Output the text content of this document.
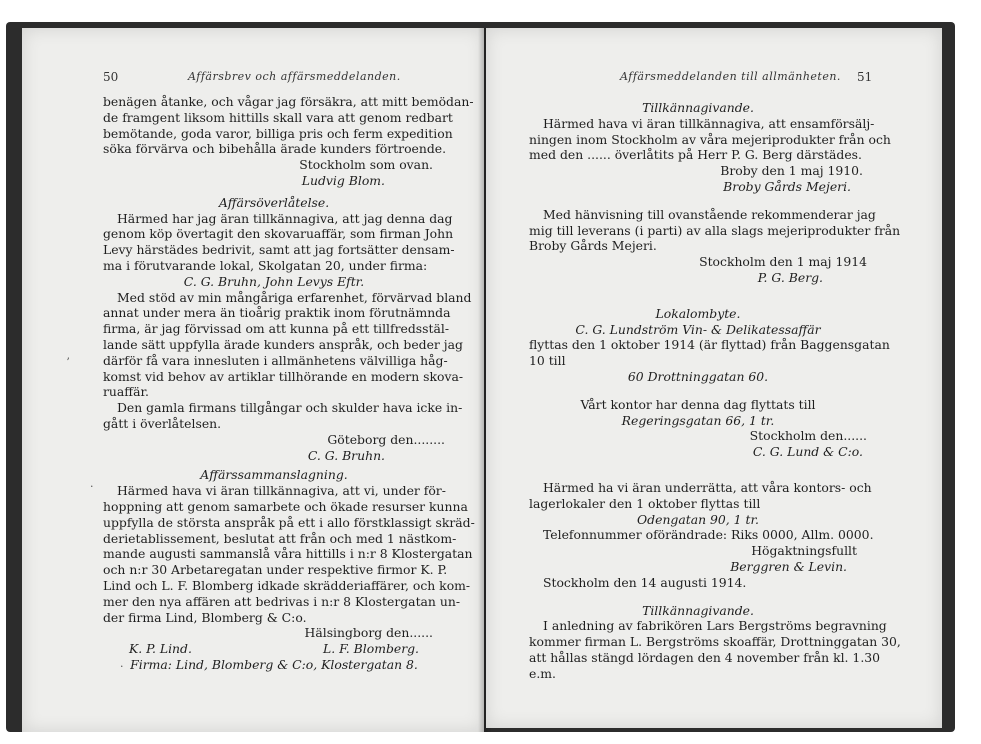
50	Affärsbrev och affärsmeddelanden.
benägen åtanke, och vågar jag försäkra, att mitt bemödan-
de framgent liksom hittills skall vara att genom redbart
bemötande, goda varor, billiga pris och ferm expedition
söka förvärva och bibehålla ärade kunders förtroende.
Stockholm som ovan.
Ludvig Blom.
Affärsöverlåtelse.
Härmed har jag äran tillkännagiva, att jag denna dag
genom köp övertagit den skovaruaffär, som firman John
Levy härstädes bedrivit, samt att jag fortsätter densam-
ma i förutvarande lokal, Skolgatan 20, under firma:
C. G. Bruhn, John Levys Eftr.
Med stöd av min mångåriga erfarenhet, förvärvad bland
annat under mera än tioårig praktik inom förutnämnda
firma, är jag förvissad om att kunna på ett tillfredsstäl-
lande sätt uppfylla ärade kunders anspråk, och beder jag
därför få vara innesluten i allmänhetens välvilliga håg-
komst vid behov av artiklar tillhörande en modern skova-
ruaffär.
Den gamla firmans tillgångar och skulder hava icke in-
gått i överlåtelsen.
Göteborg den........
C. G. Bruhn.
Affärssammanslagning.
Härmed hava vi äran tillkännagiva, att vi, under för-
hoppning att genom samarbete och ökade resurser kunna
uppfylla de största anspråk på ett i allo förstklassigt skräd-
derietablissement, beslutat att från och med 1 nästkom-
mande augusti sammanslå våra hittills i n:r 8 Klostergatan
och n:r 30 Arbetaregatan under respektive firmor K. P.
Lind och L. F. Blomberg idkade skrädderiaffärer, och kom-
mer den nya affären att bedrivas i n:r 8 Klostergatan un-
der firma Lind, Blomberg & C:o.
Hälsingborg den......
K. P. Lind.	L. F. Blomberg.
Firma: Lind, Blomberg & C:o, Klostergatan 8.
Affärsmeddelanden till allmänheten. 51
Tillkännagivande.
Härmed hava vi äran tillkännagiva, att ensamförsälj-
ningen inom Stockholm av våra mejeriprodukter från och
med den ...... överlåtits på Herr P. G. Berg därstädes.
Broby den 1 maj 1910.
Broby Gårds Mejeri.
Med hänvisning till ovanstående rekommenderar jag
mig till leverans (i parti) av alla slags mejeriprodukter från
Broby Gårds Mejeri.
Stockholm den 1 maj 1914
P. G. Berg.
Lokalombyte.
C. G. Lundström Vin- & Delikatessaffär
flyttas den 1 oktober 1914 (är flyttad) från Baggensgatan
10 till
60 Drottninggatan 60.
Vårt kontor har denna dag flyttats till
Regeringsgatan 66, 1 tr.
Stockholm den......
C. G. Lund & C:o.
Härmed ha vi äran underrätta, att våra kontors- och
lagerlokaler den 1 oktober flyttas till
Odengatan 90, 1 tr.
Telefonnummer oförändrade: Riks 0000, Allm. 0000.
Högaktningsfullt
Berggren & Levin.
Stockholm den 14 augusti 1914.
Tillkännagivande.
I anledning av fabrikören Lars Bergströms begravning
kommer firman L. Bergströms skoaffär, Drottninggatan 30,
att hållas stängd lördagen den 4 november från kl. 1.30
e.m.
ʼ
·
·
